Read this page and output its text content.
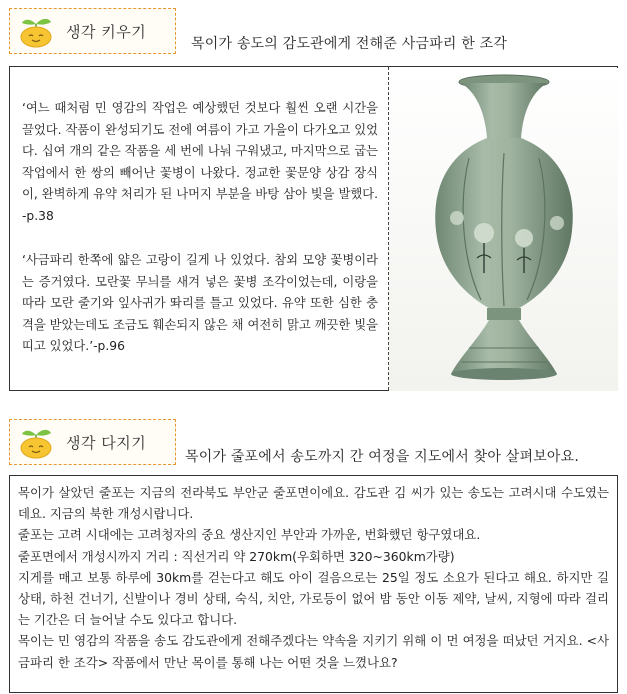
생각 키우기
목이가 송도의 감도관에게 전해준 사금파리 한 조각
‘여느 때처럼 민 영감의 작업은 예상했던 것보다 훨씬 오랜 시간을 끌었다. 작품이 완성되기도 전에 여름이 가고 가을이 다가오고 있었다. 십여 개의 같은 작품을 세 번에 나눠 구워냈고, 마지막으로 굽는 작업에서 한 쌍의 빼어난 꽃병이 나왔다. 정교한 꽃문양 상감 장식이, 완벽하게 유약 처리가 된 나머지 부분을 바탕 삼아 빛을 발했다. -p.38
‘사금파리 한쪽에 얇은 고랑이 길게 나 있었다. 참외 모양 꽃병이라는 증거였다. 모란꽃 무늬를 새겨 넣은 꽃병 조각이었는데, 이랑을 따라 모란 줄기와 잎사귀가 똬리를 틀고 있었다. 유약 또한 심한 충격을 받았는데도 조금도 훼손되지 않은 채 여전히 맑고 깨끗한 빛을 띠고 있었다.’-p.96
생각 다지기
목이가 줄포에서 송도까지 간 여정을 지도에서 찾아 살펴보아요.

목이가 살았던 줄포는 지금의 전라북도 부안군 줄포면이에요. 감도관 김 씨가 있는 송도는 고려시대 수도였는데요. 지금의 북한 개성시랍니다.

줄포는 고려 시대에는 고려청자의 중요 생산지인 부안과 가까운, 번화했던 항구였대요.

줄포면에서 개성시까지 거리 : 직선거리 약 270km(우회하면 320~360km가량)

지게를 매고 보통 하루에 30km를 걷는다고 해도 아이 걸음으로는 25일 정도 소요가 된다고 해요. 하지만 길 상태, 하천 건너기, 신발이나 경비 상태, 숙식, 치안, 가로등이 없어 밤 동안 이동 제약, 날씨, 지형에 따라 걸리는 기간은 더 늘어날 수도 있다고 합니다.

목이는 민 영감의 작품을 송도 감도관에게 전해주겠다는 약속을 지키기 위해 이 먼 여정을 떠났던 거지요. <사금파리 한 조각> 작품에서 만난 목이를 통해 나는 어떤 것을 느꼈나요?
